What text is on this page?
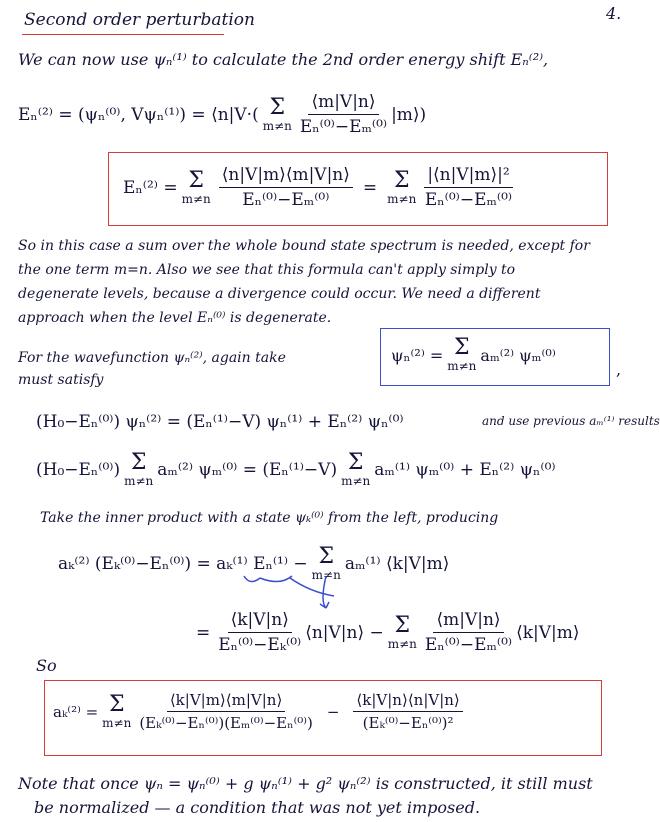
4.
Second order perturbation
We can now use ψₙ⁽¹⁾ to calculate the 2nd order energy shift Eₙ⁽²⁾,
Eₙ⁽²⁾ = (ψₙ⁽⁰⁾, Vψₙ⁽¹⁾) = ⟨n|V·( Σ
$m\ne n \frac{⟨m|V|n⟩}{\text{Eₙ⁽⁰⁾−Eₘ⁽⁰⁾}}$ |m⟩)
Eₙ⁽²⁾ = Σ
$m\ne n \frac{⟨n|V|m⟩⟨m|V|n⟩}{\text{Eₙ⁽⁰⁾−Eₘ⁽⁰⁾}} = \Sigma$
$m\ne n \frac{\text{|⟨n|V|m⟩|²}}{\text{Eₙ⁽⁰⁾−Eₘ⁽⁰⁾}}$
So in this case a sum over the whole bound state spectrum is needed, except for
the one term m=n. Also we see that this formula can't apply simply to
degenerate levels, because a divergence could occur. We need a different
approach when the level Eₙ⁽⁰⁾ is degenerate.
For the wavefunction ψₙ⁽²⁾, again take
must satisfy
ψₙ⁽²⁾ = Σ
m≠n
aₘ⁽²⁾ ψₘ⁽⁰⁾
,
(H₀−Eₙ⁽⁰⁾) ψₙ⁽²⁾ = (Eₙ⁽¹⁾−V) ψₙ⁽¹⁾ + Eₙ⁽²⁾ ψₙ⁽⁰⁾	and use previous aₘ⁽¹⁾ results
(H₀−Eₙ⁽⁰⁾) Σ
m≠n
aₘ⁽²⁾ ψₘ⁽⁰⁾ = (Eₙ⁽¹⁾−V) Σ
m≠n
aₘ⁽¹⁾ ψₘ⁽⁰⁾ + Eₙ⁽²⁾ ψₙ⁽⁰⁾
Take the inner product with a state ψₖ⁽⁰⁾ from the left, producing
aₖ⁽²⁾ (Eₖ⁽⁰⁾−Eₙ⁽⁰⁾) = aₖ⁽¹⁾ Eₙ⁽¹⁾ − Σ
m≠n
aₘ⁽¹⁾ ⟨k|V|m⟩
= $\frac{⟨k|V|n⟩}{\text{Eₙ⁽⁰⁾−Eₖ⁽⁰⁾}}$ ⟨n|V|n⟩ − Σ
$m\ne n \frac{⟨m|V|n⟩}{\text{Eₙ⁽⁰⁾−Eₘ⁽⁰⁾}}$ ⟨k|V|m⟩
So
aₖ⁽²⁾ = Σ
$m\ne n \frac{⟨k|V|m⟩⟨m|V|n⟩}{\text{(Eₖ⁽⁰⁾−Eₙ⁽⁰⁾)(Eₘ⁽⁰⁾−Eₙ⁽⁰⁾)}} - \frac{⟨k|V|n⟩⟨n|V|n⟩}{\text{(Eₖ⁽⁰⁾−Eₙ⁽⁰⁾)²}}$
Note that once ψₙ = ψₙ⁽⁰⁾ + g ψₙ⁽¹⁾ + g² ψₙ⁽²⁾ is constructed, it still must
be normalized — a condition that was not yet imposed.
